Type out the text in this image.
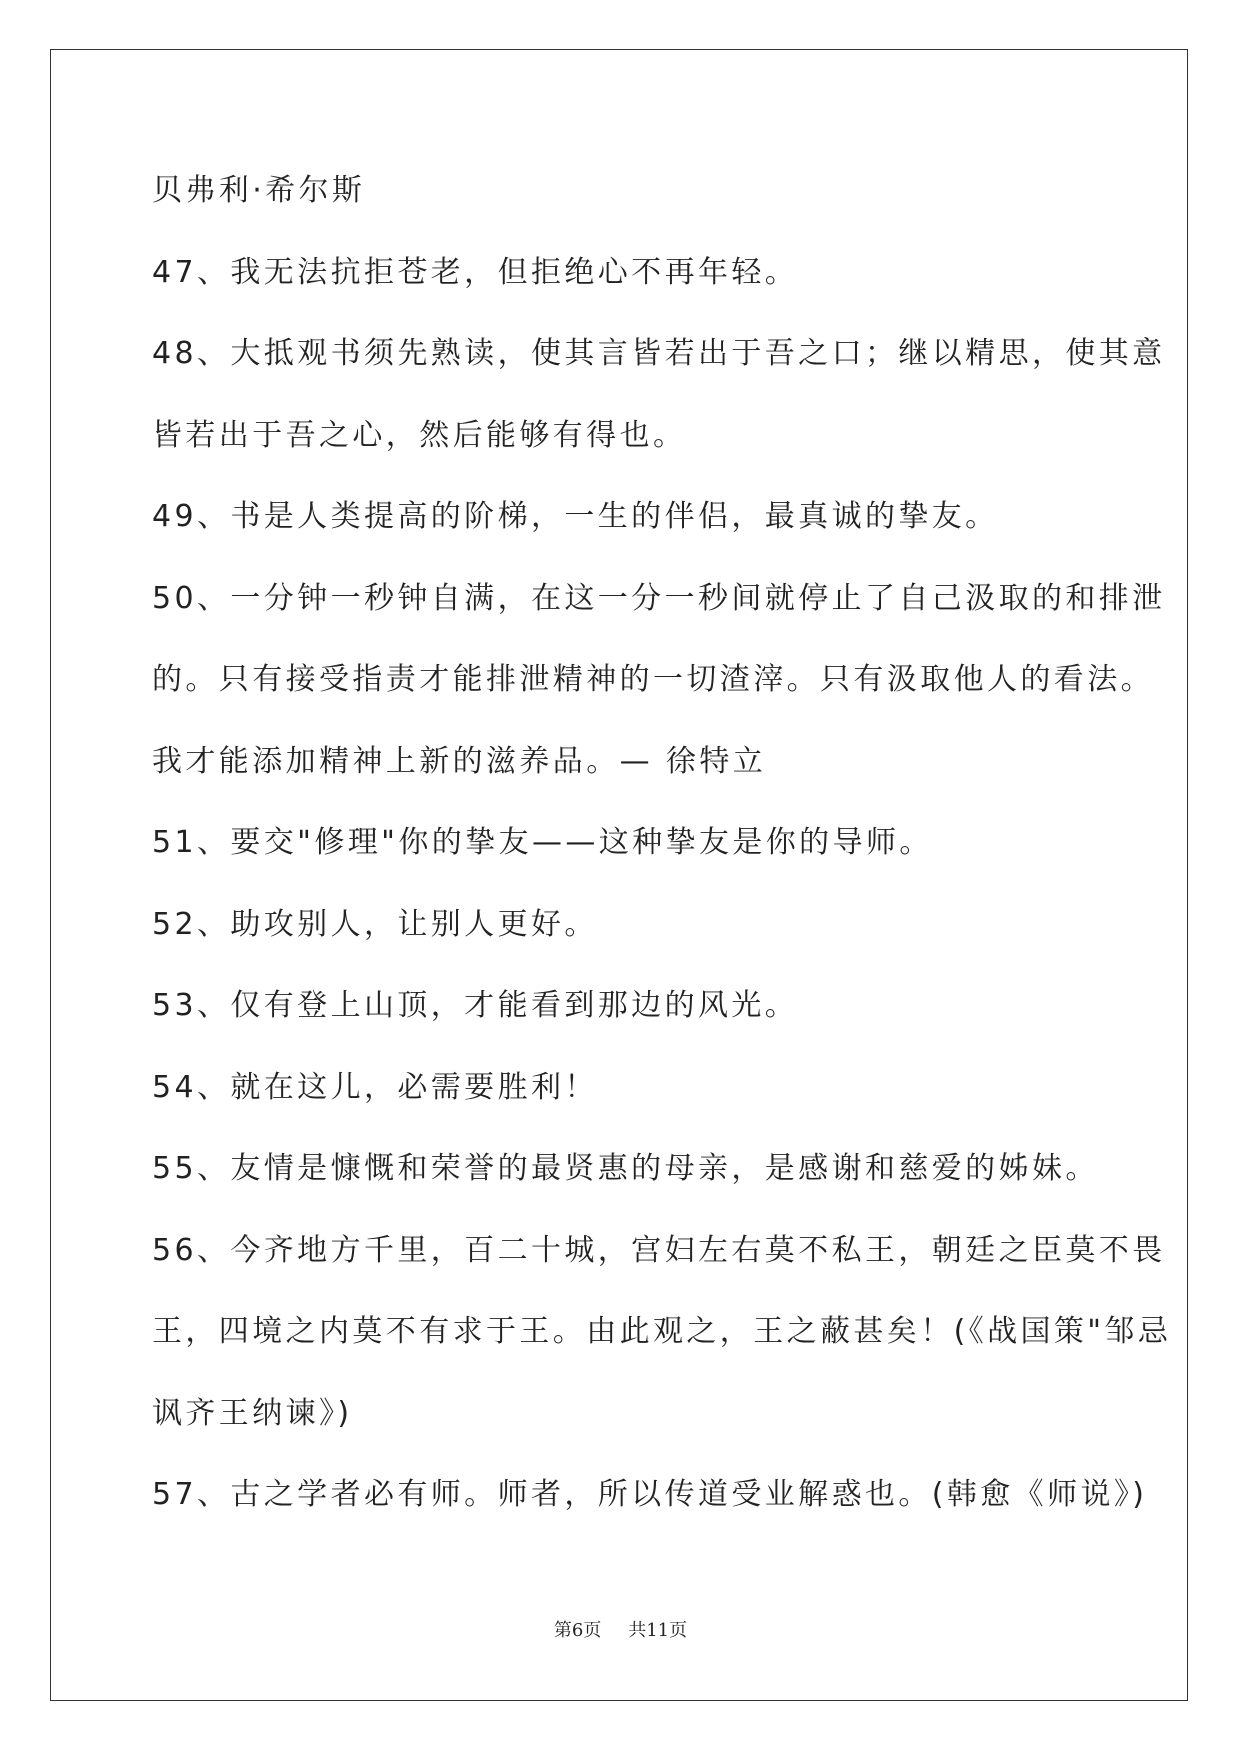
贝弗利·希尔斯
47、我无法抗拒苍老，但拒绝心不再年轻。
48、大抵观书须先熟读，使其言皆若出于吾之口；继以精思，使其意
皆若出于吾之心，然后能够有得也。
49、书是人类提高的阶梯，一生的伴侣，最真诚的挚友。
50、一分钟一秒钟自满，在这一分一秒间就停止了自己汲取的和排泄
的。只有接受指责才能排泄精神的一切渣滓。只有汲取他人的看法。
我才能添加精神上新的滋养品。— 徐特立
51、要交"修理"你的挚友——这种挚友是你的导师。
52、助攻别人，让别人更好。
53、仅有登上山顶，才能看到那边的风光。
54、就在这儿，必需要胜利！
55、友情是慷慨和荣誉的最贤惠的母亲，是感谢和慈爱的姊妹。
56、今齐地方千里，百二十城，宫妇左右莫不私王，朝廷之臣莫不畏
王，四境之内莫不有求于王。由此观之，王之蔽甚矣！(《战国策"邹忌
讽齐王纳谏》)
57、古之学者必有师。师者，所以传道受业解惑也。(韩愈《师说》)
第6页 共11页
